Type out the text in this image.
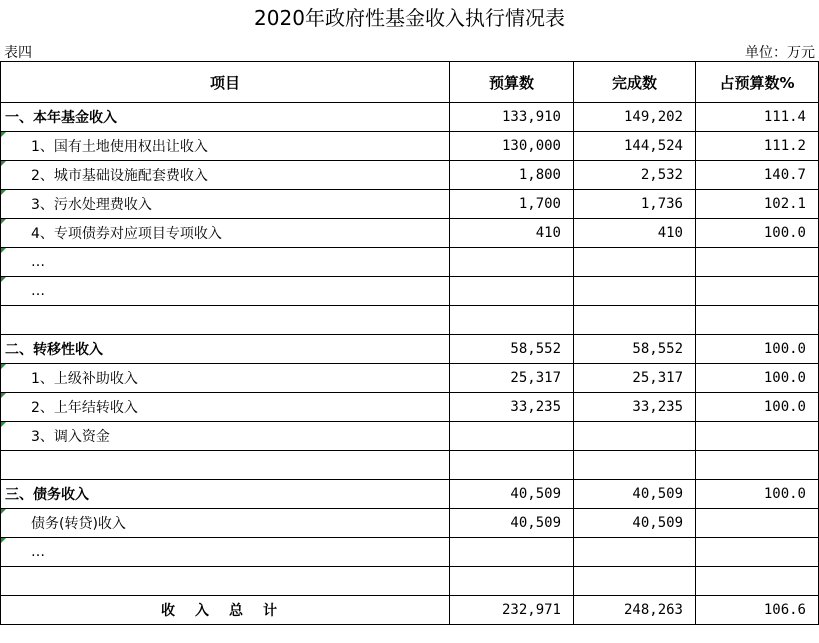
2020年政府性基金收入执行情况表
表四	单位：万元
项目	预算数	完成数	占预算数%
一、本年基金收入	133,910	149,202	111.4
1、国有土地使用权出让收入	130,000	144,524	111.2
2、城市基础设施配套费收入	1,800	2,532	140.7
3、污水处理费收入	1,700	1,736	102.1
4、专项债券对应项目专项收入	410	410	100.0
…			
…			

二、转移性收入	58,552	58,552	100.0
1、上级补助收入	25,317	25,317	100.0
2、上年结转收入	33,235	33,235	100.0
3、调入资金			

三、债务收入	40,509	40,509	100.0
债务(转贷)收入	40,509	40,509	
…			

收入总计	232,971	248,263	106.6
